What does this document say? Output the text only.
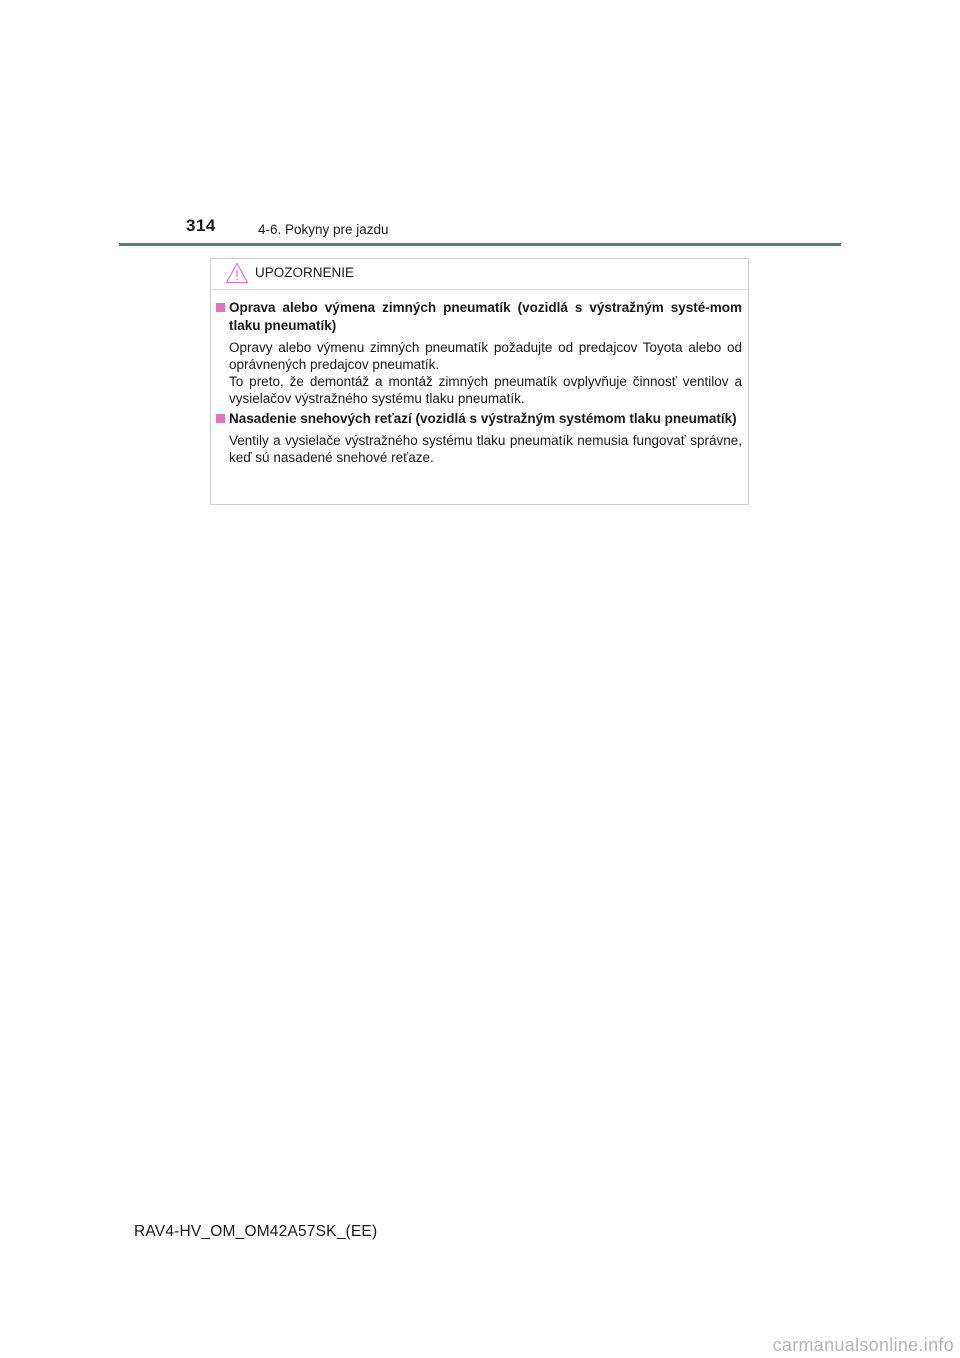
314	4-6. Pokyny pre jazdu
UPOZORNENIE
Oprava alebo výmena zimných pneumatík (vozidlá s výstražným systé-mom tlaku pneumatík)

Opravy alebo výmenu zimných pneumatík požadujte od predajcov Toyota alebo od oprávnených predajcov pneumatík.

To preto, že demontáž a montáž zimných pneumatík ovplyvňuje činnosť ventilov a vysielačov výstražného systému tlaku pneumatík.

Nasadenie snehových reťazí (vozidlá s výstražným systémom tlaku pneumatík)

Ventily a vysielače výstražného systému tlaku pneumatík nemusia fungovať správne, keď sú nasadené snehové reťaze.

RAV4-HV_OM_OM42A57SK_(EE)
carmanualsonline.info
